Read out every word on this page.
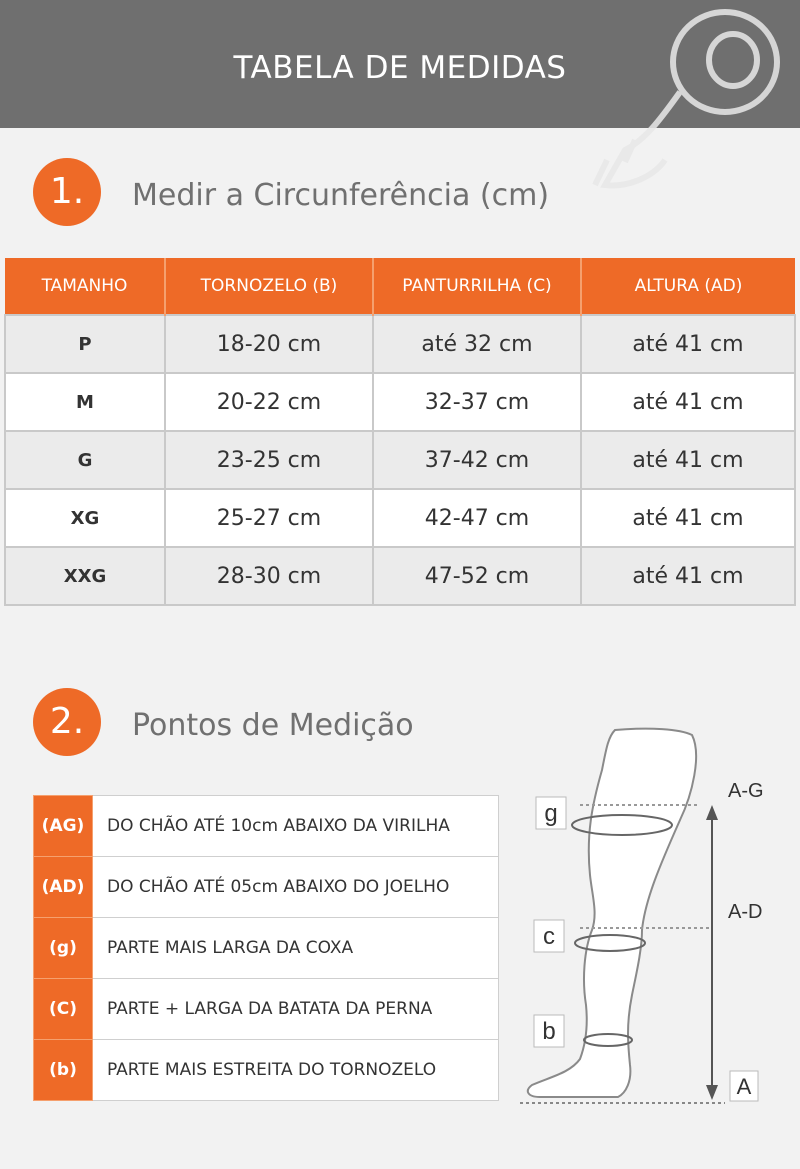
TABELA DE MEDIDAS
1.	Medir a Circunferência (cm)
TAMANHO	TORNOZELO (B)	PANTURRILHA (C)	ALTURA (AD)
P	18-20 cm	até 32 cm	até 41 cm
M	20-22 cm	32-37 cm	até 41 cm
G	23-25 cm	37-42 cm	até 41 cm
XG	25-27 cm	42-47 cm	até 41 cm
XXG	28-30 cm	47-52 cm	até 41 cm
2.	Pontos de Medição
(AG)	DO CHÃO ATÉ 10cm ABAIXO DA VIRILHA
(AD)	DO CHÃO ATÉ 05cm ABAIXO DO JOELHO
(g)	PARTE MAIS LARGA DA COXA
(C)	PARTE + LARGA DA BATATA DA PERNA
(b)	PARTE MAIS ESTREITA DO TORNOZELO
g
c
b
A-G
A-D
A
